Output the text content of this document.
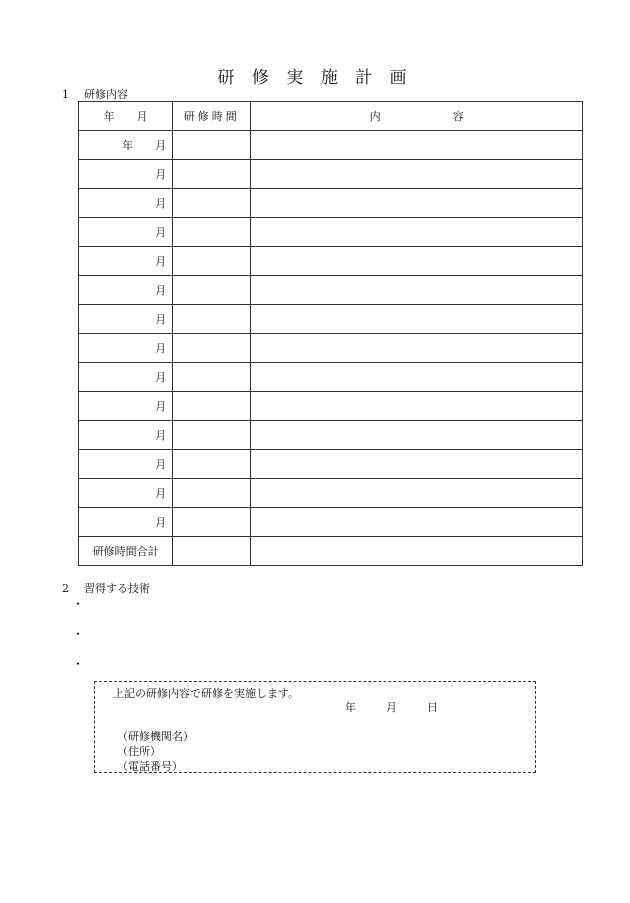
研 修 実 施 計 画
1 研修内容
年 月	研修時間	内 容
年 月		
月		
月		
月		
月		
月		
月		
月		
月		
月		
月		
月		
月		
月		
研修時間合計		
2 習得する技術
・
・
・
上記の研修内容で研修を実施します。
年	月	日
（研修機関名）
（住所）
（電話番号）
